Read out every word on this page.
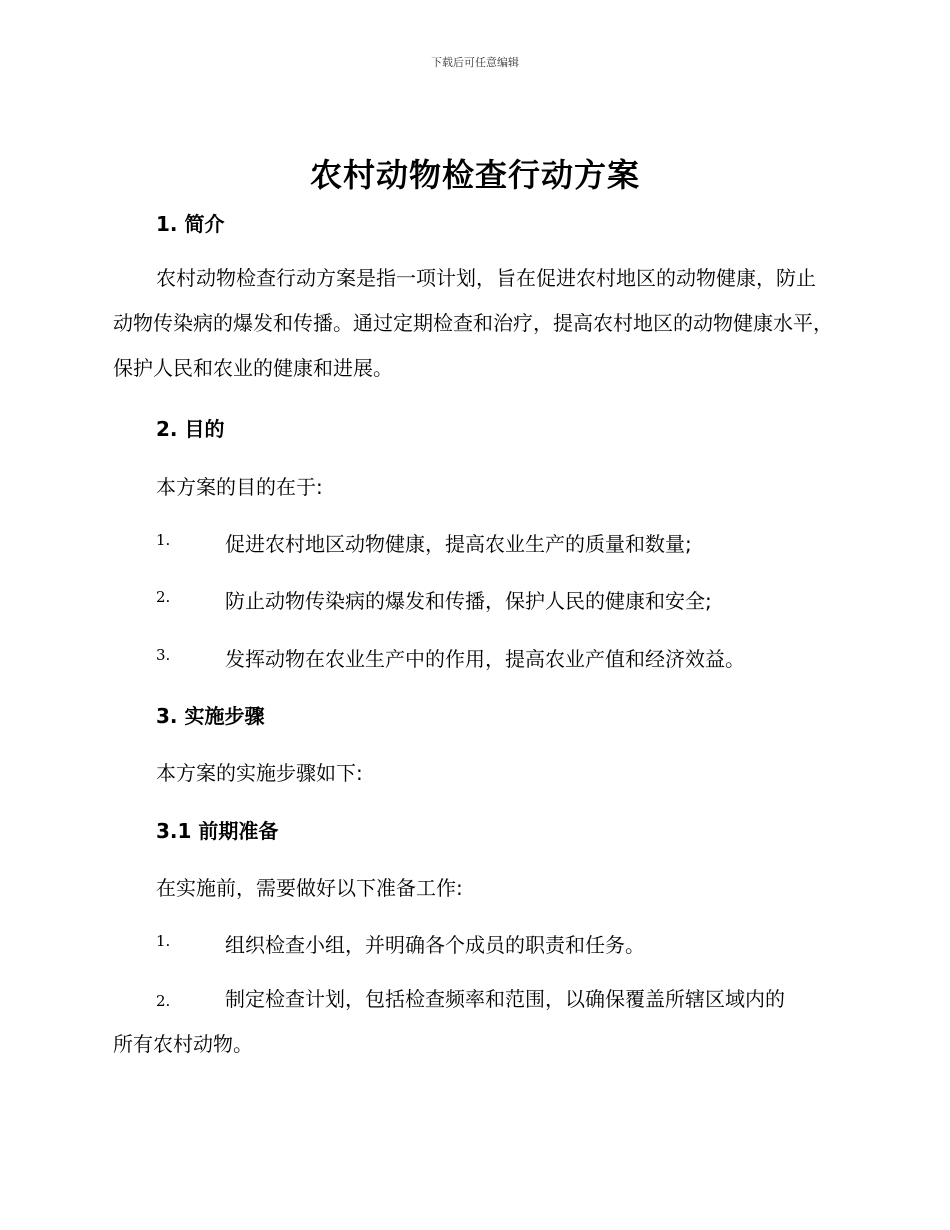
下载后可任意编辑
农村动物检查行动方案
1. 简介

农村动物检查行动方案是指一项计划，旨在促进农村地区的动物健康，防止动物传染病的爆发和传播。通过定期检查和治疗，提高农村地区的动物健康水平，保护人民和农业的健康和进展。

2. 目的
本方案的目的在于:
1.	促进农村地区动物健康，提高农业生产的质量和数量;
2.	防止动物传染病的爆发和传播，保护人民的健康和安全;
3.	发挥动物在农业生产中的作用，提高农业产值和经济效益。
3. 实施步骤
本方案的实施步骤如下:
3.1 前期准备
在实施前，需要做好以下准备工作:
1.	组织检查小组，并明确各个成员的职责和任务。
2.	制定检查计划，包括检查频率和范围，以确保覆盖所辖区域内的
所有农村动物。
